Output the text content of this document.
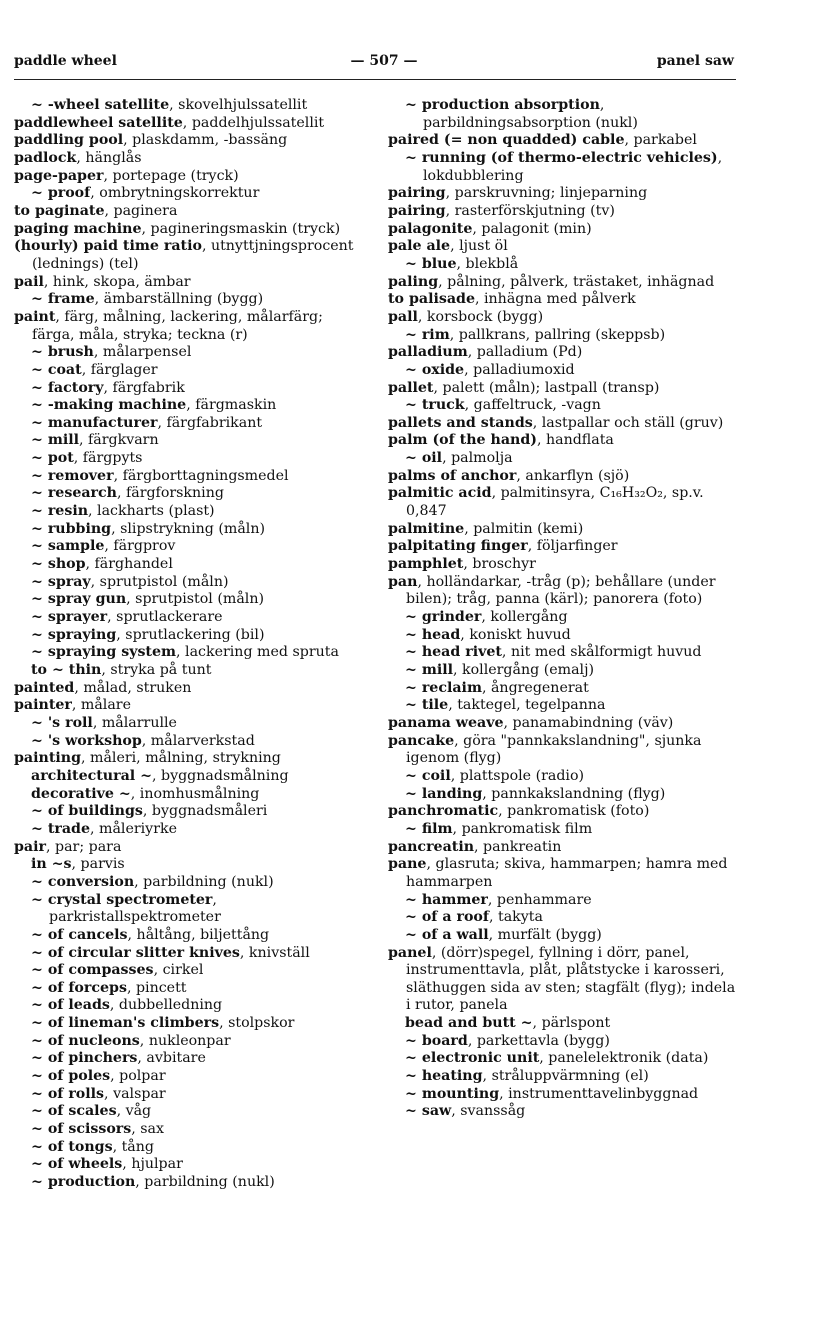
paddle wheel	— 507 —	panel saw

~ -wheel satellite, skovelhjulssatellit

paddlewheel satellite, paddelhjulssatellit

paddling pool, plaskdamm, -bassäng

padlock, hänglås

page-paper, portepage (tryck)

~ proof, ombrytningskorrektur

to paginate, paginera

paging machine, pagineringsmaskin (tryck)

(hourly) paid time ratio, utnyttjningsprocent (lednings) (tel)

pail, hink, skopa, ämbar

~ frame, ämbarställning (bygg)

paint, färg, målning, lackering, målarfärg; färga, måla, stryka; teckna (r)

~ brush, målarpensel

~ coat, färglager

~ factory, färgfabrik

~ -making machine, färgmaskin

~ manufacturer, färgfabrikant

~ mill, färgkvarn

~ pot, färgpyts

~ remover, färgborttagningsmedel

~ research, färgforskning

~ resin, lackharts (plast)

~ rubbing, slipstrykning (måln)

~ sample, färgprov

~ shop, färghandel

~ spray, sprutpistol (måln)

~ spray gun, sprutpistol (måln)

~ sprayer, sprutlackerare

~ spraying, sprutlackering (bil)

~ spraying system, lackering med spruta

to ~ thin, stryka på tunt

painted, målad, struken

painter, målare

~ 's roll, målarrulle

~ 's workshop, målarverkstad

painting, måleri, målning, strykning

architectural ~, byggnadsmålning

decorative ~, inomhusmålning

~ of buildings, byggnadsmåleri

~ trade, måleriyrke

pair, par; para

in ~s, parvis

~ conversion, parbildning (nukl)

~ crystal spectrometer, parkristallspektrometer

~ of cancels, håltång, biljettång

~ of circular slitter knives, knivställ

~ of compasses, cirkel

~ of forceps, pincett

~ of leads, dubbelledning

~ of lineman's climbers, stolpskor

~ of nucleons, nukleonpar

~ of pinchers, avbitare

~ of poles, polpar

~ of rolls, valspar

~ of scales, våg

~ of scissors, sax

~ of tongs, tång

~ of wheels, hjulpar

~ production, parbildning (nukl)

~ production absorption, parbildningsabsorption (nukl)

paired (= non quadded) cable, parkabel

~ running (of thermo-electric vehicles), lokdubblering

pairing, parskruvning; linjeparning

pairing, rasterförskjutning (tv)

palagonite, palagonit (min)

pale ale, ljust öl

~ blue, blekblå

paling, pålning, pålverk, trästaket, inhägnad

to palisade, inhägna med pålverk

pall, korsbock (bygg)

~ rim, pallkrans, pallring (skeppsb)

palladium, palladium (Pd)

~ oxide, palladiumoxid

pallet, palett (måln); lastpall (transp)

~ truck, gaffeltruck, -vagn

pallets and stands, lastpallar och ställ (gruv)

palm (of the hand), handflata

~ oil, palmolja

palms of anchor, ankarflyn (sjö)

palmitic acid, palmitinsyra, C₁₆H₃₂O₂, sp.v. 0,847

palmitine, palmitin (kemi)

palpitating finger, följarfinger

pamphlet, broschyr

pan, holländarkar, -tråg (p); behållare (under bilen); tråg, panna (kärl); panorera (foto)

~ grinder, kollergång

~ head, koniskt huvud

~ head rivet, nit med skålformigt huvud

~ mill, kollergång (emalj)

~ reclaim, ångregenerat

~ tile, taktegel, tegelpanna

panama weave, panamabindning (väv)

pancake, göra "pannkakslandning", sjunka igenom (flyg)

~ coil, plattspole (radio)

~ landing, pannkakslandning (flyg)

panchromatic, pankromatisk (foto)

~ film, pankromatisk film

pancreatin, pankreatin

pane, glasruta; skiva, hammarpen; hamra med hammarpen

~ hammer, penhammare

~ of a roof, takyta

~ of a wall, murfält (bygg)

panel, (dörr)spegel, fyllning i dörr, panel, instrumenttavla, plåt, plåtstycke i karosseri, släthuggen sida av sten; stagfält (flyg); indela i rutor, panela

bead and butt ~, pärlspont

~ board, parkettavla (bygg)

~ electronic unit, panelelektronik (data)

~ heating, stråluppvärmning (el)

~ mounting, instrumenttavelinbyggnad

~ saw, svanssåg
